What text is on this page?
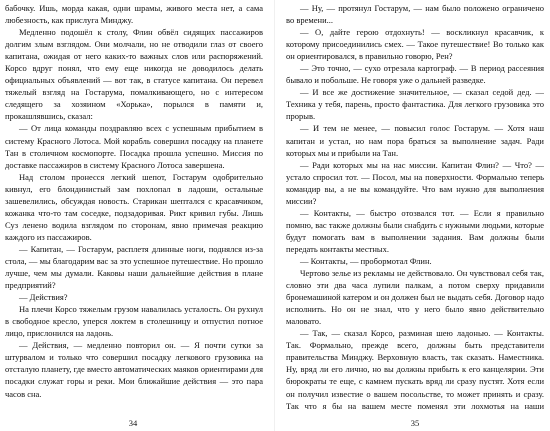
бабочку. Ишь, морда какая, одни шрамы, живого места нет, а сама любезность, как прислуга Минджу.

Медленно подошёл к столу, Флин обвёл сидящих пассажиров долгим злым взглядом. Они молчали, но не отводили глаз от своего капитана, ожидая от него каких-то важных слов или распоряжений. Корсо вдруг понял, что ему еще никогда не доводилось делать официальных объявлений — вот так, в статусе капитана. Он перевел тяжелый взгляд на Гостарума, помалкивающего, но с интересом следящего за хозяином «Хорька», порылся в памяти и, прокашлявшись, сказал:

— От лица команды поздравляю всех с успешным прибытием в систему Красного Лотоса. Мой корабль совершил посадку на планете Тан в столичном космопорте. Посадка прошла успешно. Миссия по доставке пассажиров в систему Красного Лотоса завершена.

Над столом пронесся легкий шепот, Гостарум одобрительно кивнул, его блондинистый зам похлопал в ладоши, остальные зашевелились, обсуждая новость. Старикан шептался с красавчиком, кожанка что-то там соседке, подзадоривая. Рикт кривил губы. Лишь Суз ленено водила взглядом по сторонам, явно примечая реакцию каждого из пассажиров.

— Капитан, — Гостарум, расплетя длинные ноги, поднялся из-за стола, — мы благодарим вас за это успешное путешествие. Но прошло лучше, чем мы думали. Каковы наши дальнейшие действия в плане предприятий?

— Действия?

На плечи Корсо тяжелым грузом навалилась усталость. Он рухнул в свободное кресло, уперся локтем в столешницу и отпустил потное лицо, прислонился на ладонь.

— Действия, — медленно повторил он. — Я почти сутки за штурвалом и только что совершил посадку легкового грузовика на отсталую планету, где вместо автоматических маяков ориентирами для посадки служат горы и реки. Мои ближайшие действия — это пара часов сна.

— Ну, — протянул Гостарум, — нам было положено ограничено во времени...

— О, дайте герою отдохнуть! — воскликнул красавчик, к которому присоединились смех. — Такое путешествие! Во только как он ориентировался, в правильно говорю, Рен?

— Это точно, — сухо отрезала картограф. — В период рассеяния бывало и побольше. Не говоря уже о дальней разведке.

— И все же достижение значительное, — сказал седой дед. — Техника у тебя, парень, просто фантастика. Для легкого грузовика это прорыв.

— И тем не менее, — повысил голос Гостарум. — Хотя наш капитан и устал, но нам пора браться за выполнение задач. Ради которых мы и прибыли на Тан.

— Ради которых мы на нас миссии. Капитан Флин? — Что? — устало спросил тот. — Посол, мы на поверхности. Формально теперь командир вы, а не вы командуйте. Что вам нужно для выполнения миссии?

— Контакты, — быстро отозвался тот. — Если я правильно помню, вас также должны были снабдить с нужными людьми, которые будут помогать вам в выполнении задания. Вам должны были передать контакты местных.

— Контакты, — пробормотал Флин.

Чертово зелье из рекламы не действовало. Он чувствовал себя так, словно эти два часа лупили палкам, а потом сверху придавили бронемашиной катером и он должен был не выдать себя. Договор надо исполнить. Но он не знал, что у него было явно действительно маловато.

— Так, — сказал Корсо, разминая шею ладонью. — Контакты. Так. Формально, прежде всего, должны быть представители правительства Минджу. Верховную власть, так сказать. Наместника. Ну, вряд ли его лично, но вы должны прибыть к его канцелярии. Эти бюрократы те еще, с камнем пускать вряд ли сразу пустят. Хотя если он получил известие о вашем посольстве, то может принять и сразу. Так что я бы на вашем месте поменял эти лохмотья на наши

34	35
